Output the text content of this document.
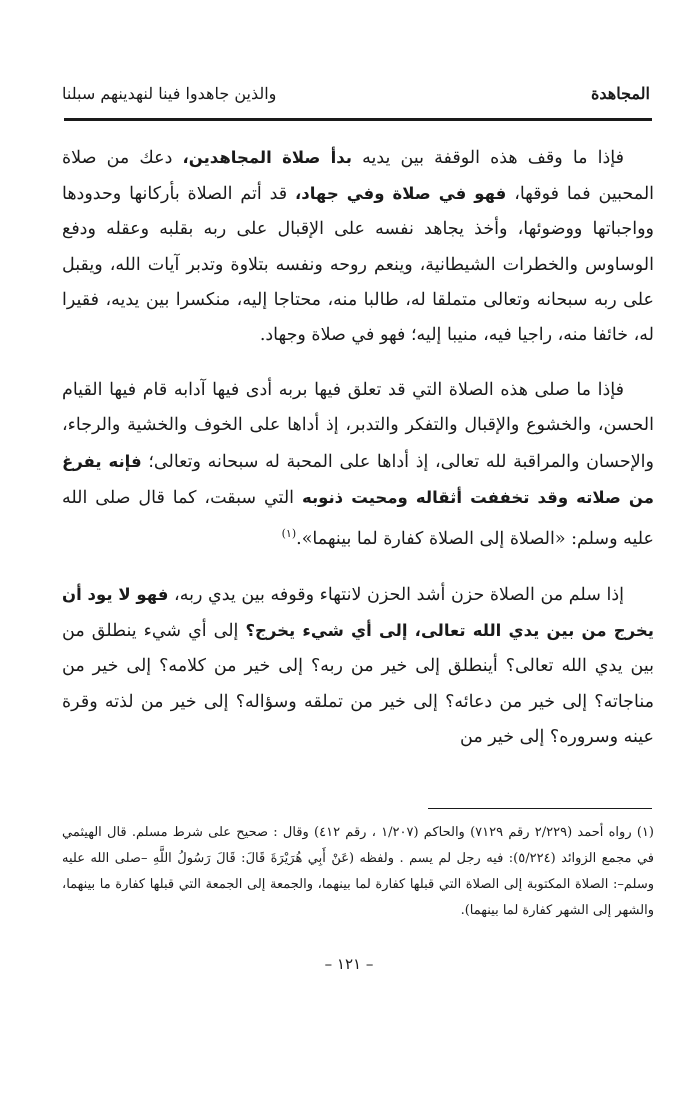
المجاهدة
والذين جاهدوا فينا لنهدينهم سبلنا

فإذا ما وقف هذه الوقفة بين يديه بدأ صلاة المجاهدين، دعك من صلاة المحبين فما فوقها، فهو في صلاة وفي جهاد، قد أتم الصلاة بأركانها وحدودها وواجباتها ووضوئها، وأخذ يجاهد نفسه على الإقبال على ربه بقلبه وعقله ودفع الوساوس والخطرات الشيطانية، وينعم روحه ونفسه بتلاوة وتدبر آيات الله، ويقبل على ربه سبحانه وتعالى متملقا له، طالبا منه، محتاجا إليه، منكسرا بين يديه، فقيرا له، خائفا منه، راجيا فيه، منيبا إليه؛ فهو في صلاة وجهاد.

فإذا ما صلى هذه الصلاة التي قد تعلق فيها بربه أدى فيها آدابه قام فيها القيام الحسن، والخشوع والإقبال والتفكر والتدبر، إذ أداها على الخوف والخشية والرجاء، والإحسان والمراقبة لله تعالى، إذ أداها على المحبة له سبحانه وتعالى؛ فإنه يفرغ من صلاته وقد تخففت أثقاله ومحيت ذنوبه التي سبقت، كما قال صلى الله عليه وسلم: «الصلاة إلى الصلاة كفارة لما بينهما».$^{(١)}$

إذا سلم من الصلاة حزن أشد الحزن لانتهاء وقوفه بين يدي ربه، فهو لا يود أن يخرج من بين يدي الله تعالى، إلى أي شيء يخرج؟ إلى أي شيء ينطلق من بين يدي الله تعالى؟ أينطلق إلى خير من ربه؟ إلى خير من كلامه؟ إلى خير من مناجاته؟ إلى خير من دعائه؟ إلى خير من تملقه وسؤاله؟ إلى خير من لذته وقرة عينه وسروره؟ إلى خير من

(١) رواه أحمد (٢/٢٢٩ رقم ٧١٢٩) والحاكم (١/٢٠٧ ، رقم ٤١٢) وقال : صحيح على شرط مسلم. قال الهيثمي في مجمع الزوائد (٥/٢٢٤): فيه رجل لم يسم . ولفظه (عَنْ أَبِي هُرَيْرَةَ قَالَ: قَالَ رَسُولُ اللَّهِ –صلى الله عليه وسلم–: الصلاة المكتوبة إلى الصلاة التي قبلها كفارة لما بينهما، والجمعة إلى الجمعة التي قبلها كفارة ما بينهما، والشهر إلى الشهر كفارة لما بينهما).

– ١٢١ –
